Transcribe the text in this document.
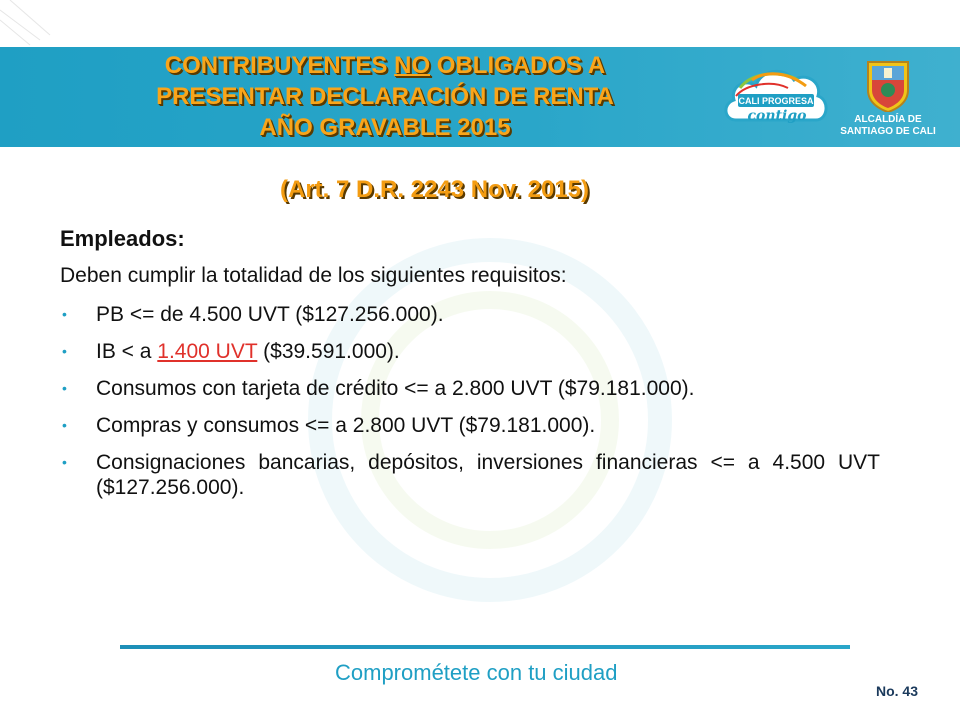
CONTRIBUYENTES NO OBLIGADOS A
PRESENTAR DECLARACIÓN DE RENTA
AÑO GRAVABLE 2015
CALI PROGRESA
contigo	ALCALDÍA DE
SANTIAGO DE CALI
(Art. 7 D.R. 2243 Nov. 2015)
Empleados:
Deben cumplir la totalidad de los siguientes requisitos:
• PB <= de 4.500 UVT ($127.256.000).
• IB < a 1.400 UVT ($39.591.000).
• Consumos con tarjeta de crédito <= a 2.800 UVT ($79.181.000).
• Compras y consumos <= a 2.800 UVT ($79.181.000).
• Consignaciones bancarias, depósitos, inversiones financieras <= a 4.500 UVT ($127.256.000).
Comprométete con tu ciudad
No. 43
